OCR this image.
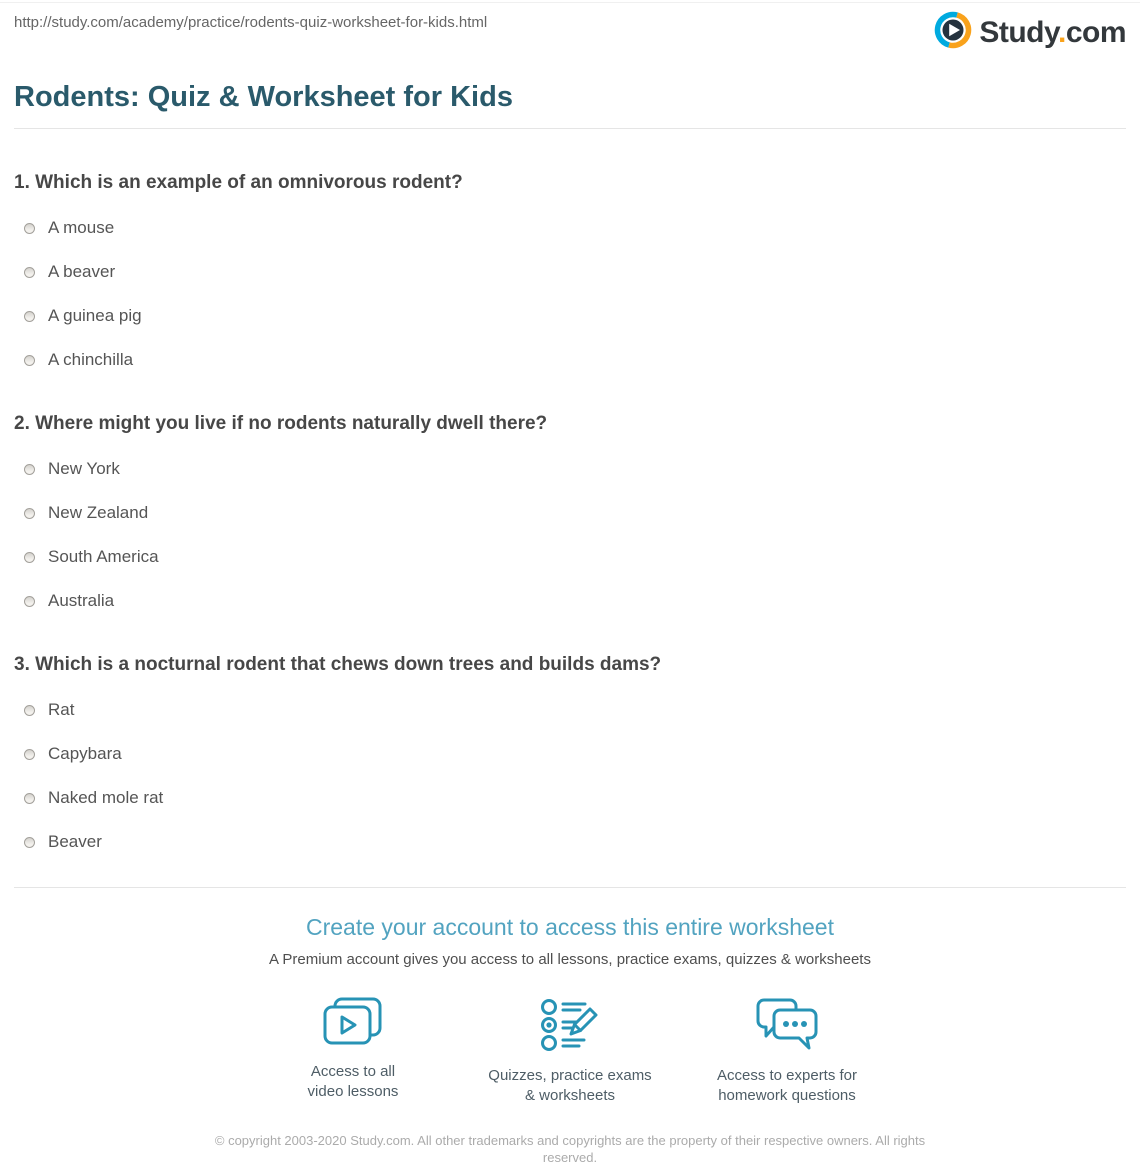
http://study.com/academy/practice/rodents-quiz-worksheet-for-kids.html	Study.com
Rodents: Quiz & Worksheet for Kids

1. Which is an example of an omnivorous rodent?

A mouse
A beaver
A guinea pig
A chinchilla

2. Where might you live if no rodents naturally dwell there?

New York
New Zealand
South America
Australia

3. Which is a nocturnal rodent that chews down trees and builds dams?

Rat
Capybara
Naked mole rat
Beaver
Create your account to access this entire worksheet

A Premium account gives you access to all lessons, practice exams, quizzes & worksheets

Access to all
video lessons
Quizzes, practice exams
& worksheets
Access to experts for
homework questions

© copyright 2003-2020 Study.com. All other trademarks and copyrights are the property of their respective owners. All rights reserved.
